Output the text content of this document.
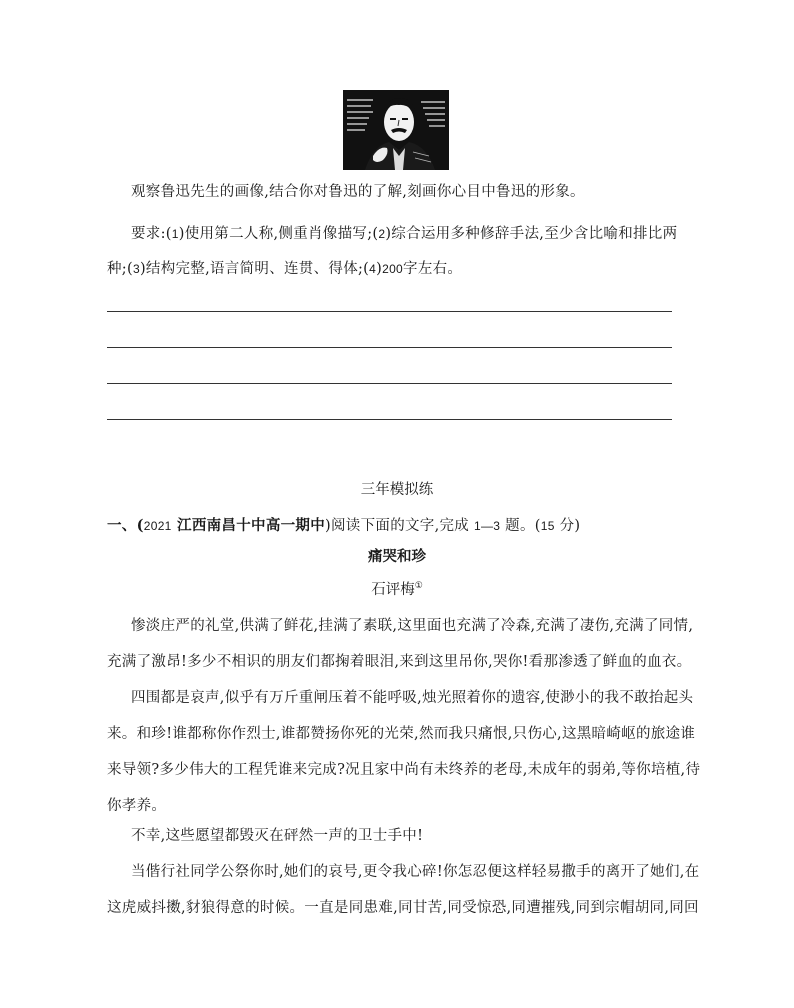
观察鲁迅先生的画像,结合你对鲁迅的了解,刻画你心目中鲁迅的形象。
要求:(1)使用第二人称,侧重肖像描写;(2)综合运用多种修辞手法,至少含比喻和排比两
种;(3)结构完整,语言简明、连贯、得体;(4)200字左右。
三年模拟练
一、(2021 江西南昌十中高一期中)阅读下面的文字,完成 1—3 题。(15 分)
痛哭和珍
石评梅①
惨淡庄严的礼堂,供满了鲜花,挂满了素联,这里面也充满了冷森,充满了凄伤,充满了同情,
充满了激昂!多少不相识的朋友们都掬着眼泪,来到这里吊你,哭你!看那渗透了鲜血的血衣。
四围都是哀声,似乎有万斤重闸压着不能呼吸,烛光照着你的遗容,使渺小的我不敢抬起头
来。和珍!谁都称你作烈士,谁都赞扬你死的光荣,然而我只痛恨,只伤心,这黑暗崎岖的旅途谁
来导领?多少伟大的工程凭谁来完成?况且家中尚有未终养的老母,未成年的弱弟,等你培植,待
你孝养。
不幸,这些愿望都毁灭在砰然一声的卫士手中!
当偕行社同学公祭你时,她们的哀号,更令我心碎!你怎忍便这样轻易撒手的离开了她们,在
这虎威抖擞,豺狼得意的时候。一直是同患难,同甘苦,同受惊恐,同遭摧残,同到宗帽胡同,同回
